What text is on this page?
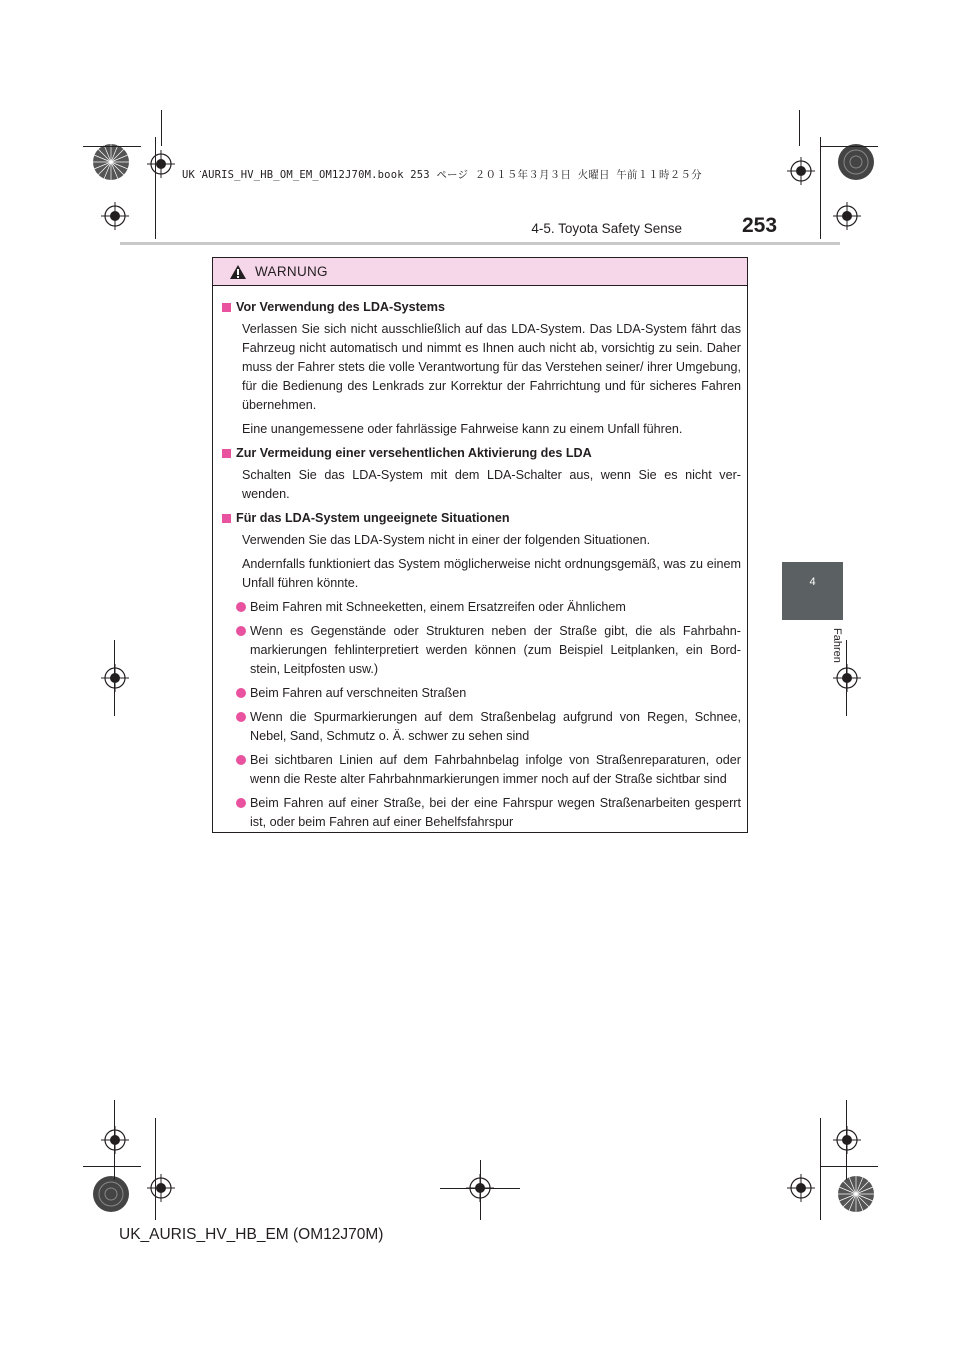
UK AURIS_HV_HB_OM_EM_OM12J70M.book 253 ページ ２０１５年３月３日 火曜日 午前１１時２５分
4-5. Toyota Safety Sense	253
4
Fahren
WARNUNG
Vor Verwendung des LDA-Systems
Verlassen Sie sich nicht ausschließlich auf das LDA-System. Das LDA-System fährt das Fahrzeug nicht automatisch und nimmt es Ihnen auch nicht ab, vorsichtig zu sein. Daher muss der Fahrer stets die volle Verantwortung für das Verstehen seiner/ ihrer Umgebung, für die Bedienung des Lenkrads zur Korrektur der Fahrrichtung und für sicheres Fahren übernehmen.
Eine unangemessene oder fahrlässige Fahrweise kann zu einem Unfall führen.
Zur Vermeidung einer versehentlichen Aktivierung des LDA
Schalten Sie das LDA-System mit dem LDA-Schalter aus, wenn Sie es nicht ver- wenden.
Für das LDA-System ungeeignete Situationen
Verwenden Sie das LDA-System nicht in einer der folgenden Situationen.
Andernfalls funktioniert das System möglicherweise nicht ordnungsgemäß, was zu einem Unfall führen könnte.
Beim Fahren mit Schneeketten, einem Ersatzreifen oder Ähnlichem
Wenn es Gegenstände oder Strukturen neben der Straße gibt, die als Fahrbahn- markierungen fehlinterpretiert werden können (zum Beispiel Leitplanken, ein Bord- stein, Leitpfosten usw.)
Beim Fahren auf verschneiten Straßen
Wenn die Spurmarkierungen auf dem Straßenbelag aufgrund von Regen, Schnee, Nebel, Sand, Schmutz o. Ä. schwer zu sehen sind
Bei sichtbaren Linien auf dem Fahrbahnbelag infolge von Straßenreparaturen, oder wenn die Reste alter Fahrbahnmarkierungen immer noch auf der Straße sichtbar sind
Beim Fahren auf einer Straße, bei der eine Fahrspur wegen Straßenarbeiten gesperrt ist, oder beim Fahren auf einer Behelfsfahrspur
UK_AURIS_HV_HB_EM (OM12J70M)
